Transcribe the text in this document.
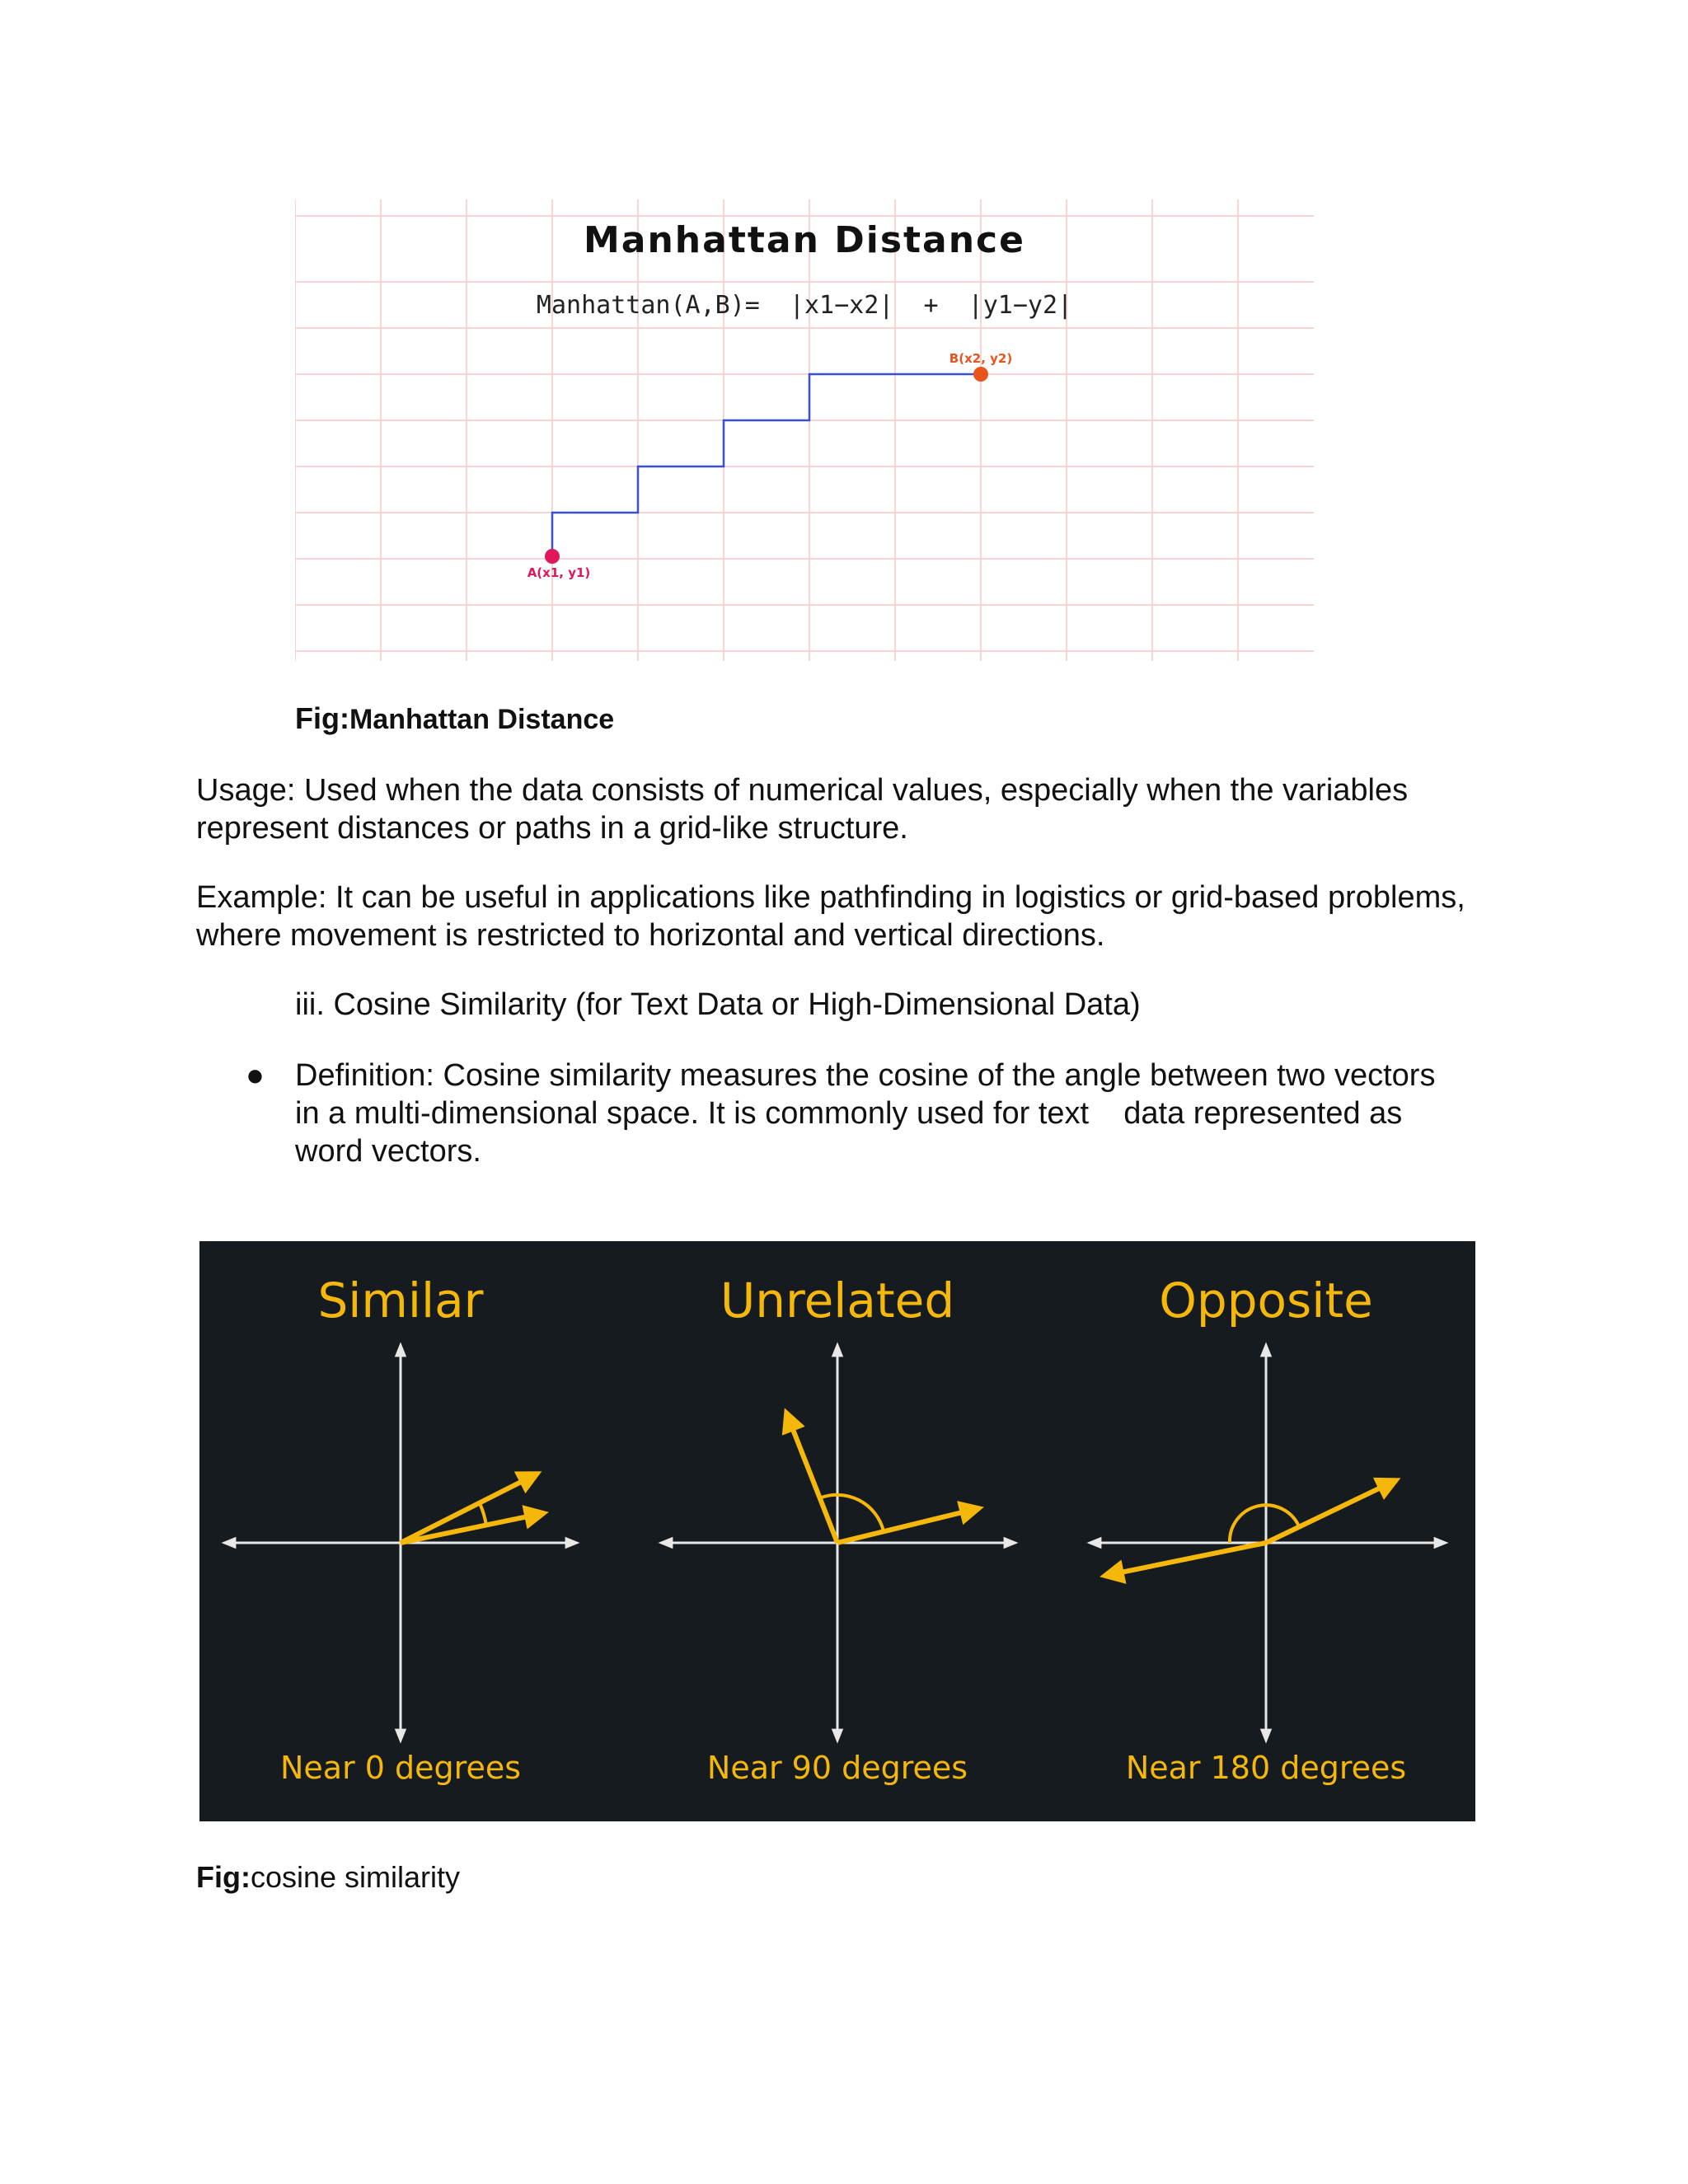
Manhattan Distance
Manhattan(A,B)=  |x1−x2|  +  |y1−y2|
A(x1, y1)
B(x2, y2)
Fig:Manhattan Distance
Usage: Used when the data consists of numerical values, especially when the variables represent distances or paths in a grid-like structure.
Example: It can be useful in applications like pathfinding in logistics or grid-based problems, where movement is restricted to horizontal and vertical directions.
iii. Cosine Similarity (for Text Data or High-Dimensional Data)
● Definition: Cosine similarity measures the cosine of the angle between two vectors in a multi-dimensional space. It is commonly used for text    data represented as word vectors.
Similar
Near 0 degrees
Unrelated
Near 90 degrees
Opposite
Near 180 degrees
Fig:cosine similarity
